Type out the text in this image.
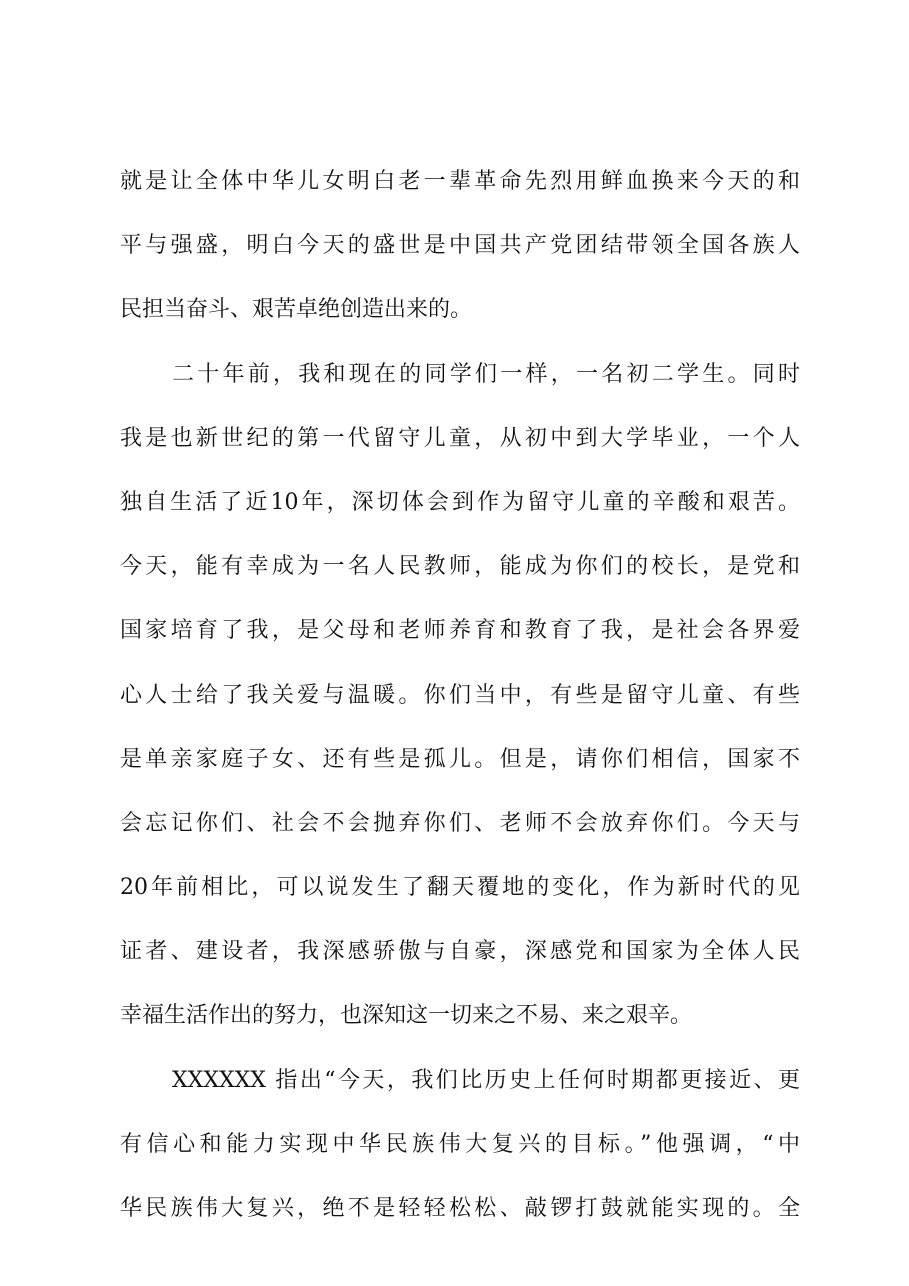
就是让全体中华儿女明白老一辈革命先烈用鲜血换来今天的和
平与强盛，明白今天的盛世是中国共产党团结带领全国各族人
民担当奋斗、艰苦卓绝创造出来的。
二十年前，我和现在的同学们一样，一名初二学生。同时
我是也新世纪的第一代留守儿童，从初中到大学毕业，一个人
独自生活了近10年，深切体会到作为留守儿童的辛酸和艰苦。
今天，能有幸成为一名人民教师，能成为你们的校长，是党和
国家培育了我，是父母和老师养育和教育了我，是社会各界爱
心人士给了我关爱与温暖。你们当中，有些是留守儿童、有些
是单亲家庭子女、还有些是孤儿。但是，请你们相信，国家不
会忘记你们、社会不会抛弃你们、老师不会放弃你们。今天与
20年前相比，可以说发生了翻天覆地的变化，作为新时代的见
证者、建设者，我深感骄傲与自豪，深感党和国家为全体人民
幸福生活作出的努力，也深知这一切来之不易、来之艰辛。
XXXXXX 指出“今天，我们比历史上任何时期都更接近、更
有信心和能力实现中华民族伟大复兴的目标。”他强调，“中
华民族伟大复兴，绝不是轻轻松松、敲锣打鼓就能实现的。全
